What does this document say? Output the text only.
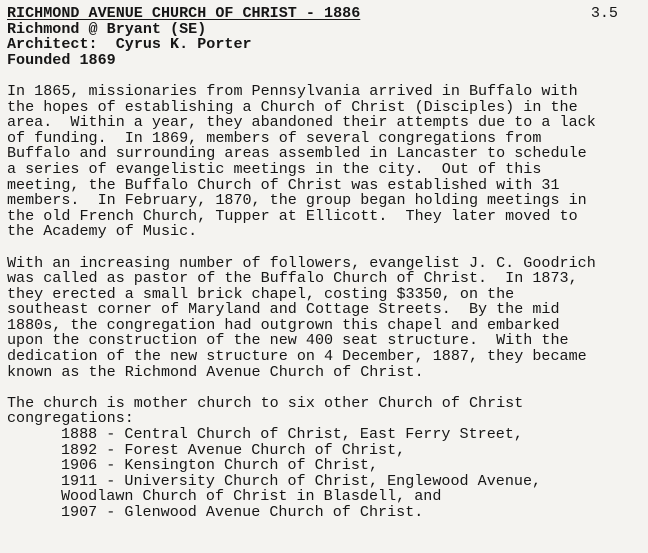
RICHMOND AVENUE CHURCH OF CHRIST - 1886	3.5
Richmond @ Bryant (SE)
Architect: Cyrus K. Porter
Founded 1869
In 1865, missionaries from Pennsylvania arrived in Buffalo with
the hopes of establishing a Church of Christ (Disciples) in the
area.  Within a year, they abandoned their attempts due to a lack
of funding.  In 1869, members of several congregations from
Buffalo and surrounding areas assembled in Lancaster to schedule
a series of evangelistic meetings in the city.  Out of this
meeting, the Buffalo Church of Christ was established with 31
members.  In February, 1870, the group began holding meetings in
the old French Church, Tupper at Ellicott.  They later moved to
the Academy of Music.
With an increasing number of followers, evangelist J. C. Goodrich
was called as pastor of the Buffalo Church of Christ.  In 1873,
they erected a small brick chapel, costing $3350, on the
southeast corner of Maryland and Cottage Streets.  By the mid
1880s, the congregation had outgrown this chapel and embarked
upon the construction of the new 400 seat structure.  With the
dedication of the new structure on 4 December, 1887, they became
known as the Richmond Avenue Church of Christ.
The church is mother church to six other Church of Christ
congregations:
1888 - Central Church of Christ, East Ferry Street,
1892 - Forest Avenue Church of Christ,
1906 - Kensington Church of Christ,
1911 - University Church of Christ, Englewood Avenue,
Woodlawn Church of Christ in Blasdell, and
1907 - Glenwood Avenue Church of Christ.
